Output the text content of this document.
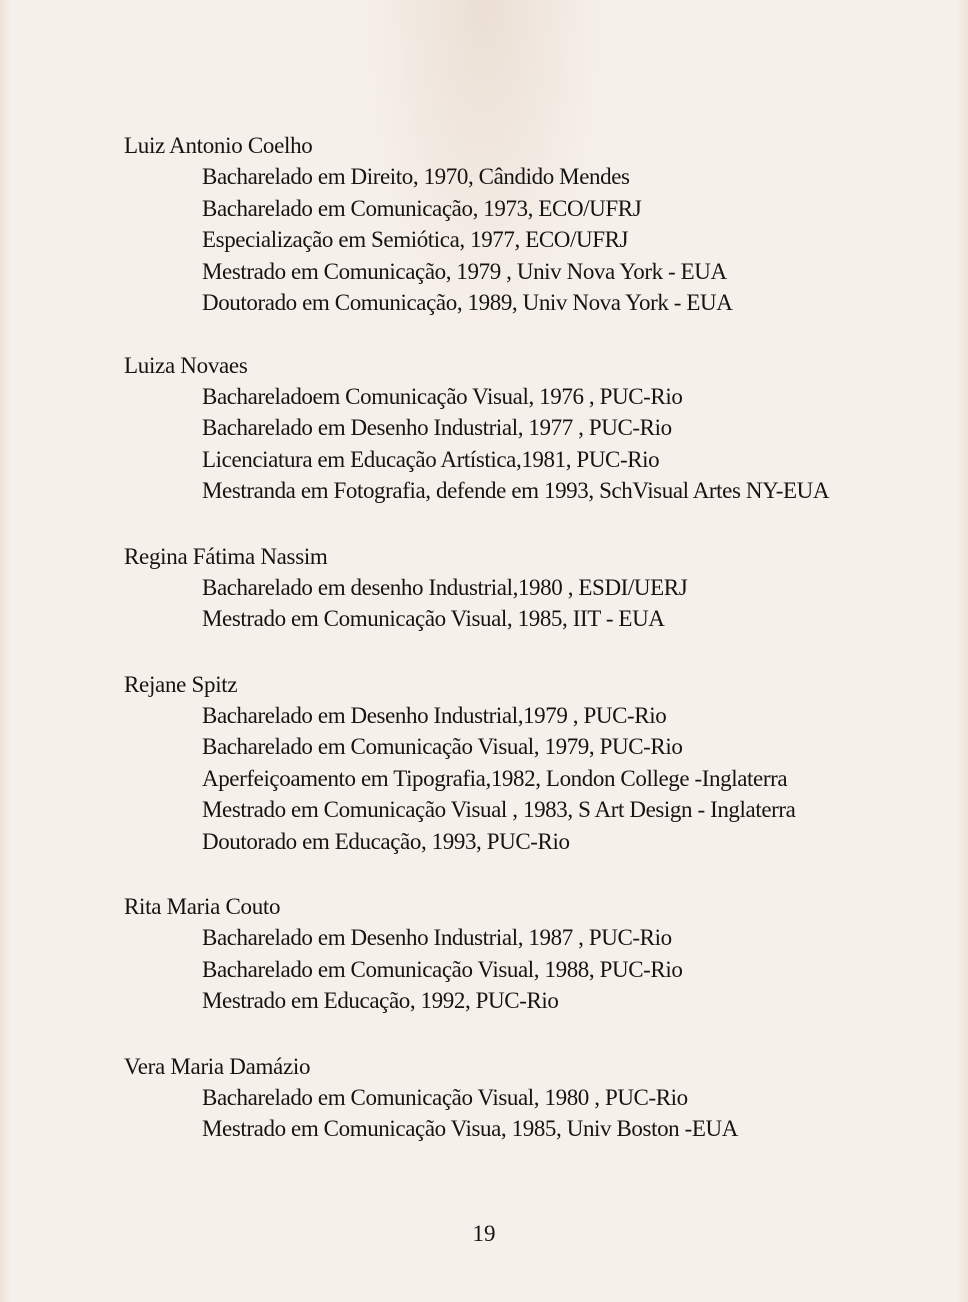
Luiz Antonio Coelho
Bacharelado em Direito, 1970, Cândido Mendes
Bacharelado em Comunicação, 1973, ECO/UFRJ
Especialização em Semiótica, 1977, ECO/UFRJ
Mestrado em Comunicação, 1979 , Univ Nova York - EUA
Doutorado em Comunicação, 1989, Univ Nova York - EUA
Luiza Novaes
Bachareladoem Comunicação Visual, 1976 , PUC-Rio
Bacharelado em Desenho Industrial, 1977 , PUC-Rio
Licenciatura em Educação Artística,1981, PUC-Rio
Mestranda em Fotografia, defende em 1993, SchVisual Artes NY-EUA
Regina Fátima Nassim
Bacharelado em desenho Industrial,1980 , ESDI/UERJ
Mestrado em Comunicação Visual, 1985, IIT - EUA
Rejane Spitz
Bacharelado em Desenho Industrial,1979 , PUC-Rio
Bacharelado em Comunicação Visual, 1979, PUC-Rio
Aperfeiçoamento em Tipografia,1982, London College -Inglaterra
Mestrado em Comunicação Visual , 1983, S Art Design - Inglaterra
Doutorado em Educação, 1993, PUC-Rio
Rita Maria Couto
Bacharelado em Desenho Industrial, 1987 , PUC-Rio
Bacharelado em Comunicação Visual, 1988, PUC-Rio
Mestrado em Educação, 1992, PUC-Rio
Vera Maria Damázio
Bacharelado em Comunicação Visual, 1980 , PUC-Rio
Mestrado em Comunicação Visua, 1985, Univ Boston -EUA
19
